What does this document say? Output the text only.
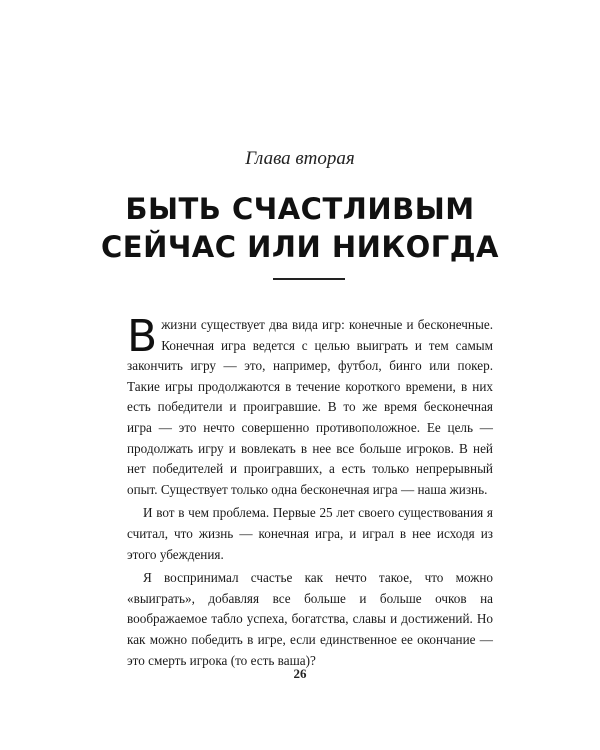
Глава вторая
БЫТЬ СЧАСТЛИВЫМ
СЕЙЧАС ИЛИ НИКОГДА

В жизни существует два вида игр: конечные и бесконечные. Конечная игра ведется с целью выиграть и тем самым закончить игру — это, например, футбол, бинго или покер. Такие игры продолжаются в течение короткого времени, в них есть победители и проигравшие. В то же время бесконечная игра — это нечто совершенно противоположное. Ее цель — продолжать игру и вовлекать в нее все больше игроков. В ней нет победителей и проигравших, а есть только непрерывный опыт. Существует только одна бесконечная игра — наша жизнь.

И вот в чем проблема. Первые 25 лет своего существования я считал, что жизнь — конечная игра, и играл в нее исходя из этого убеждения.

Я воспринимал счастье как нечто такое, что можно «выиграть», добавляя все больше и больше очков на воображаемое табло успеха, богатства, славы и достижений. Но как можно победить в игре, если единственное ее окончание — это смерть игрока (то есть ваша)?

26
